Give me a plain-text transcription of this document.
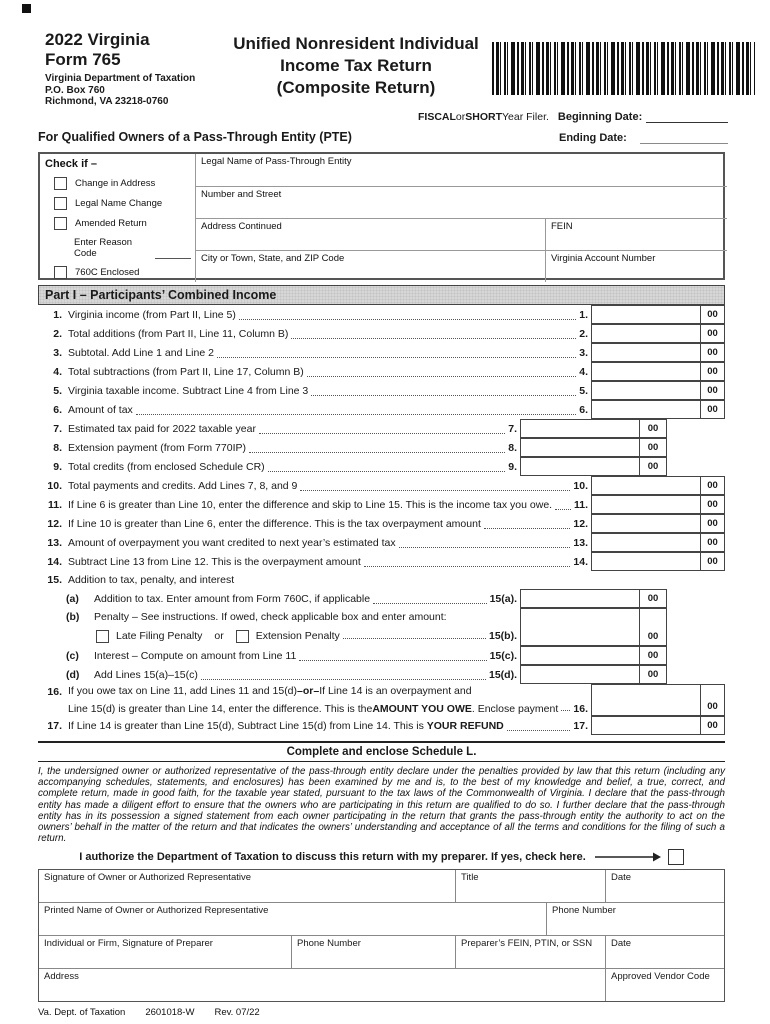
2022 Virginia
Form 765
Virginia Department of Taxation
P.O. Box 760
Richmond, VA 23218-0760
Unified Nonresident Individual
Income Tax Return
(Composite Return)
FISCAL or SHORT Year Filer. Beginning Date:
Ending Date:
For Qualified Owners of a Pass-Through Entity (PTE)
Check if –
Change in Address
Legal Name Change
Amended Return
Enter Reason Code
760C Enclosed
Legal Name of Pass-Through Entity
Number and Street
Address Continued	FEIN
City or Town, State, and ZIP Code	Virginia Account Number
Part I – Participants’ Combined Income
1. Virginia income (from Part II, Line 5)	1.	00
2. Total additions (from Part II, Line 11, Column B)	2.	00
3. Subtotal. Add Line 1 and Line 2	3.	00
4. Total subtractions (from Part II, Line 17, Column B)	4.	00
5. Virginia taxable income. Subtract Line 4 from Line 3	5.	00
6. Amount of tax	6.	00
7. Estimated tax paid for 2022 taxable year	7.	00
8. Extension payment (from Form 770IP)	8.	00
9. Total credits (from enclosed Schedule CR)	9.	00
10. Total payments and credits. Add Lines 7, 8, and 9	10.	00
11. If Line 6 is greater than Line 10, enter the difference and skip to Line 15. This is the income tax you owe. 11.	00
12. If Line 10 is greater than Line 6, enter the difference. This is the tax overpayment amount	12.	00
13. Amount of overpayment you want credited to next year’s estimated tax	13.	00
14. Subtract Line 13 from Line 12. This is the overpayment amount	14.	00
15. Addition to tax, penalty, and interest
(a)	Addition to tax. Enter amount from Form 760C, if applicable	15(a).	00
(b)	Penalty – See instructions. If owed, check applicable box and enter amount:
Late Filing Penalty or	Extension Penalty	15(b).	00
(c)	Interest – Compute on amount from Line 11	15(c).	00
(d)	Add Lines 15(a)–15(c)	15(d).	00
16. If you owe tax on Line 11, add Lines 11 and 15(d) –or– If Line 14 is an overpayment and
Line 15(d) is greater than Line 14, enter the difference. This is the AMOUNT YOU OWE . Enclose payment 16.	00
17. If Line 14 is greater than Line 15(d), Subtract Line 15(d) from Line 14. This is YOUR REFUND	17.	00
Complete and enclose Schedule L.
I, the undersigned owner or authorized representative of the pass-through entity declare under the penalties provided by law that this return (including any accompanying schedules, statements, and enclosures) has been examined by me and is, to the best of my knowledge and belief, a true, correct, and complete return, made in good faith, for the taxable year stated, pursuant to the tax laws of the Commonwealth of Virginia. I declare that the pass-through entity has made a diligent effort to ensure that the owners who are participating in this return are qualified to do so. I further declare that the pass-through entity has in its possession a signed statement from each owner participating in the return that grants the pass-through entity the authority to act on the owners’ behalf in the matter of the return and that indicates the owners’ understanding and acceptance of all the terms and conditions for the filing of such a return.
I authorize the Department of Taxation to discuss this return with my preparer. If yes, check here.
Signature of Owner or Authorized Representative	Title	Date
Printed Name of Owner or Authorized Representative	Phone Number
Individual or Firm, Signature of Preparer	Phone Number	Preparer’s FEIN, PTIN, or SSN	Date
Address	Approved Vendor Code
Va. Dept. of Taxation 2601018-W Rev. 07/22
